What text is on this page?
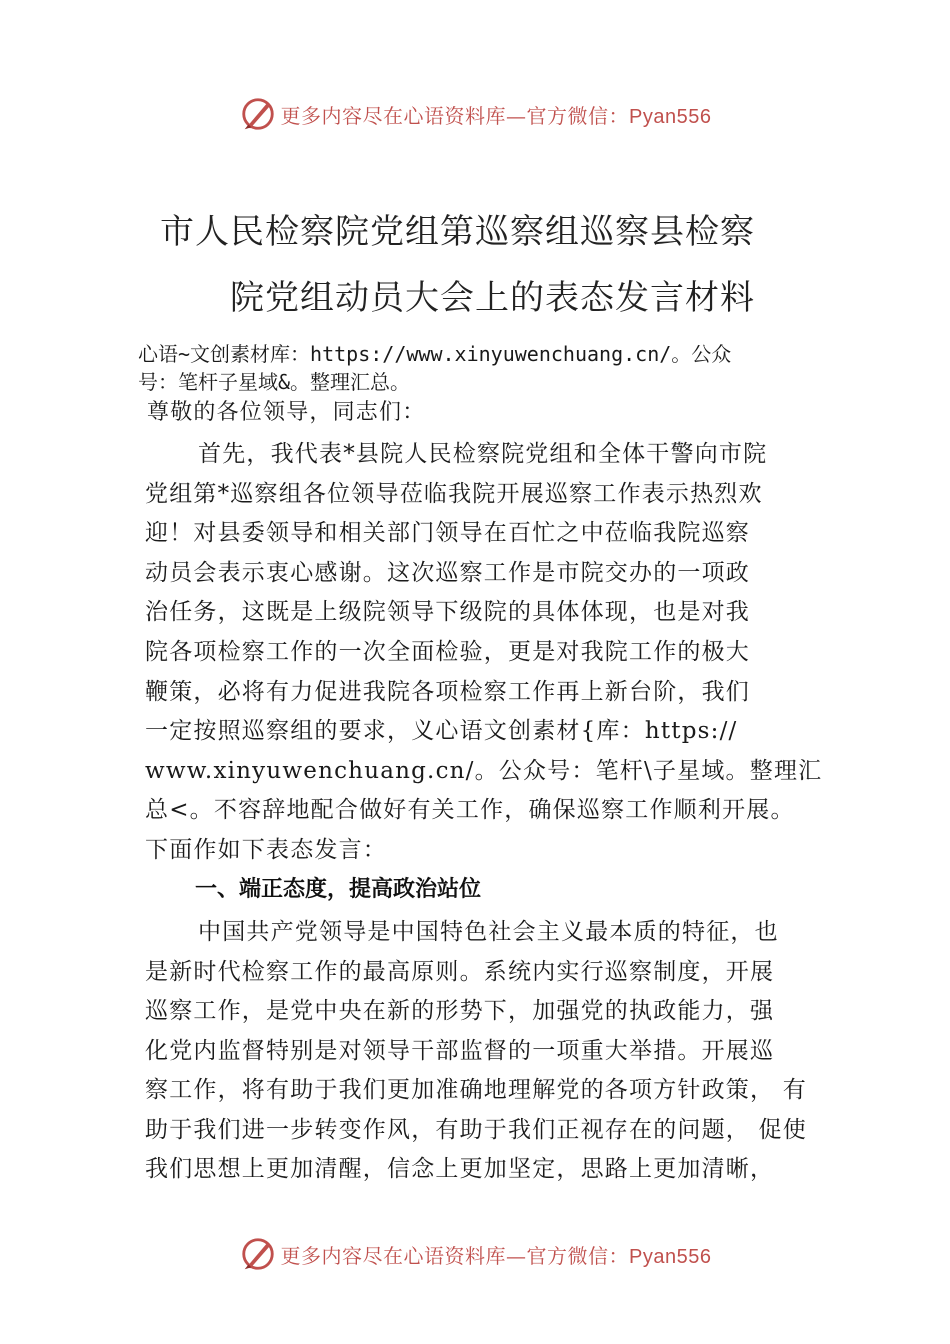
更多内容尽在心语资料库—官方微信：Pyan556
市人民检察院党组第巡察组巡察县检察
院党组动员大会上的表态发言材料
心语~文创素材库：https://www.xinyuwenchuang.cn/。公众
号：笔杆子星域&。整理汇总。
尊敬的各位领导，同志们：
首先，我代表*县院人民检察院党组和全体干警向市院
党组第*巡察组各位领导莅临我院开展巡察工作表示热烈欢
迎！对县委领导和相关部门领导在百忙之中莅临我院巡察
动员会表示衷心感谢。这次巡察工作是市院交办的一项政
治任务，这既是上级院领导下级院的具体体现，也是对我
院各项检察工作的一次全面检验，更是对我院工作的极大
鞭策，必将有力促进我院各项检察工作再上新台阶，我们
一定按照巡察组的要求，义心语文创素材{库：https://
www.xinyuwenchuang.cn/。公众号：笔杆\子星域。整理汇
总<。不容辞地配合做好有关工作，确保巡察工作顺利开展。
下面作如下表态发言：
一、端正态度，提高政治站位
中国共产党领导是中国特色社会主义最本质的特征，也
是新时代检察工作的最高原则。系统内实行巡察制度，开展
巡察工作，是党中央在新的形势下，加强党的执政能力，强
化党内监督特别是对领导干部监督的一项重大举措。开展巡
察工作，将有助于我们更加准确地理解党的各项方针政策， 有
助于我们进一步转变作风，有助于我们正视存在的问题， 促使
我们思想上更加清醒，信念上更加坚定，思路上更加清晰，
更多内容尽在心语资料库—官方微信：Pyan556
